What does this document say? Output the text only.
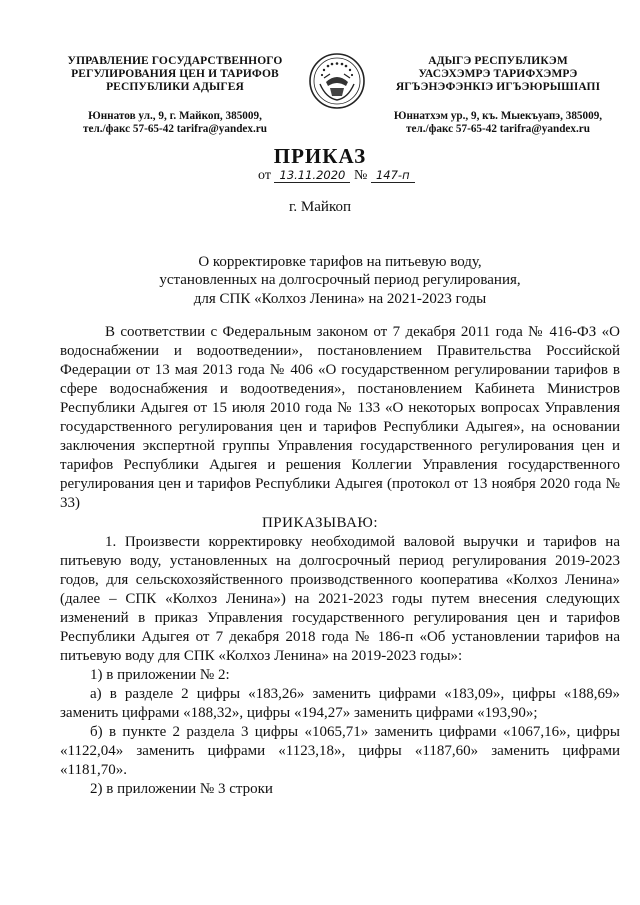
УПРАВЛЕНИЕ ГОСУДАРСТВЕННОГО
РЕГУЛИРОВАНИЯ ЦЕН И ТАРИФОВ
РЕСПУБЛИКИ АДЫГЕЯ
Юннатов ул., 9, г. Майкоп, 385009,
тел./факс 57-65-42 tarifra@yandex.ru
АДЫГЭ РЕСПУБЛИКЭМ
УАСЭХЭМРЭ ТАРИФХЭМРЭ
ЯГЪЭНЭФЭНКIЭ ИГЪЭЮРЫШIАПI
Юннатхэм ур., 9, къ. Мыекъуапэ, 385009,
тел./факс 57-65-42 tarifra@yandex.ru
ПРИКАЗ
от 13.11.2020 № 147-п
г. Майкоп
О корректировке тарифов на питьевую воду,
установленных на долгосрочный период регулирования,
для СПК «Колхоз Ленина» на 2021-2023 годы
В соответствии с Федеральным законом от 7 декабря 2011 года № 416-ФЗ «О водоснабжении и водоотведении», постановлением Правительства Российской Федерации от 13 мая 2013 года № 406 «О государственном регулировании тарифов в сфере водоснабжения и водоотведения», постановлением Кабинета Министров Республики Адыгея от 15 июля 2010 года № 133 «О некоторых вопросах Управления государственного регулирования цен и тарифов Республики Адыгея», на основании заключения экспертной группы Управления государственного регулирования цен и тарифов Республики Адыгея и решения Коллегии Управления государственного регулирования цен и тарифов Республики Адыгея (протокол от 13 ноября 2020 года № 33)
ПРИКАЗЫВАЮ:

1. Произвести корректировку необходимой валовой выручки и тарифов на питьевую воду, установленных на долгосрочный период регулирования 2019-2023 годов, для сельскохозяйственного производственного кооператива «Колхоз Ленина» (далее – СПК «Колхоз Ленина») на 2021-2023 годы путем внесения следующих изменений в приказ Управления государственного регулирования цен и тарифов Республики Адыгея от 7 декабря 2018 года № 186-п «Об установлении тарифов на питьевую воду для СПК «Колхоз Ленина» на 2019-2023 годы»:

1) в приложении № 2:

а) в разделе 2 цифры «183,26» заменить цифрами «183,09», цифры «188,69» заменить цифрами «188,32», цифры «194,27» заменить цифрами «193,90»;

б) в пункте 2 раздела 3 цифры «1065,71» заменить цифрами «1067,16», цифры «1122,04» заменить цифрами «1123,18», цифры «1187,60» заменить цифрами «1181,70».

2) в приложении № 3 строки
